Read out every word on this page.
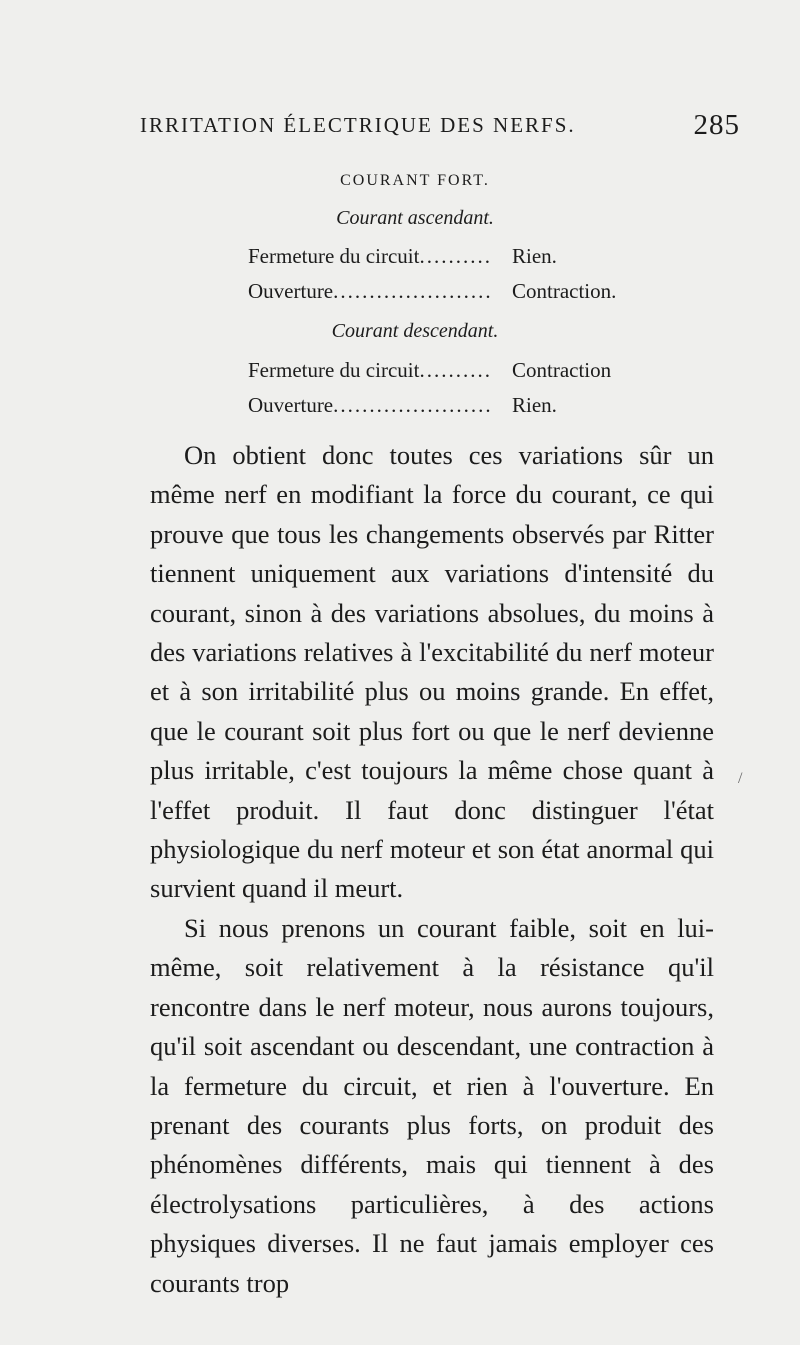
IRRITATION ÉLECTRIQUE DES NERFS.	285
COURANT FORT.
Courant ascendant.
Fermeture du circuit .......... Rien.
Ouverture ...................... Contraction.
Courant descendant.
Fermeture du circuit .......... Contraction
Ouverture ...................... Rien.

On obtient donc toutes ces variations sûr un même nerf en modifiant la force du courant, ce qui prouve que tous les changements observés par Ritter tiennent uniquement aux variations d'intensité du courant, sinon à des variations absolues, du moins à des variations relatives à l'excitabilité du nerf moteur et à son irritabilité plus ou moins grande. En effet, que le courant soit plus fort ou que le nerf devienne plus irritable, c'est toujours la même chose quant à l'effet produit. Il faut donc distinguer l'état physiologique du nerf moteur et son état anormal qui survient quand il meurt.

Si nous prenons un courant faible, soit en lui-même, soit relativement à la résistance qu'il rencontre dans le nerf moteur, nous aurons toujours, qu'il soit ascendant ou descendant, une contraction à la fermeture du circuit, et rien à l'ouverture. En prenant des courants plus forts, on produit des phénomènes différents, mais qui tiennent à des électrolysations particulières, à des actions physiques diverses. Il ne faut jamais employer ces courants trop

/
